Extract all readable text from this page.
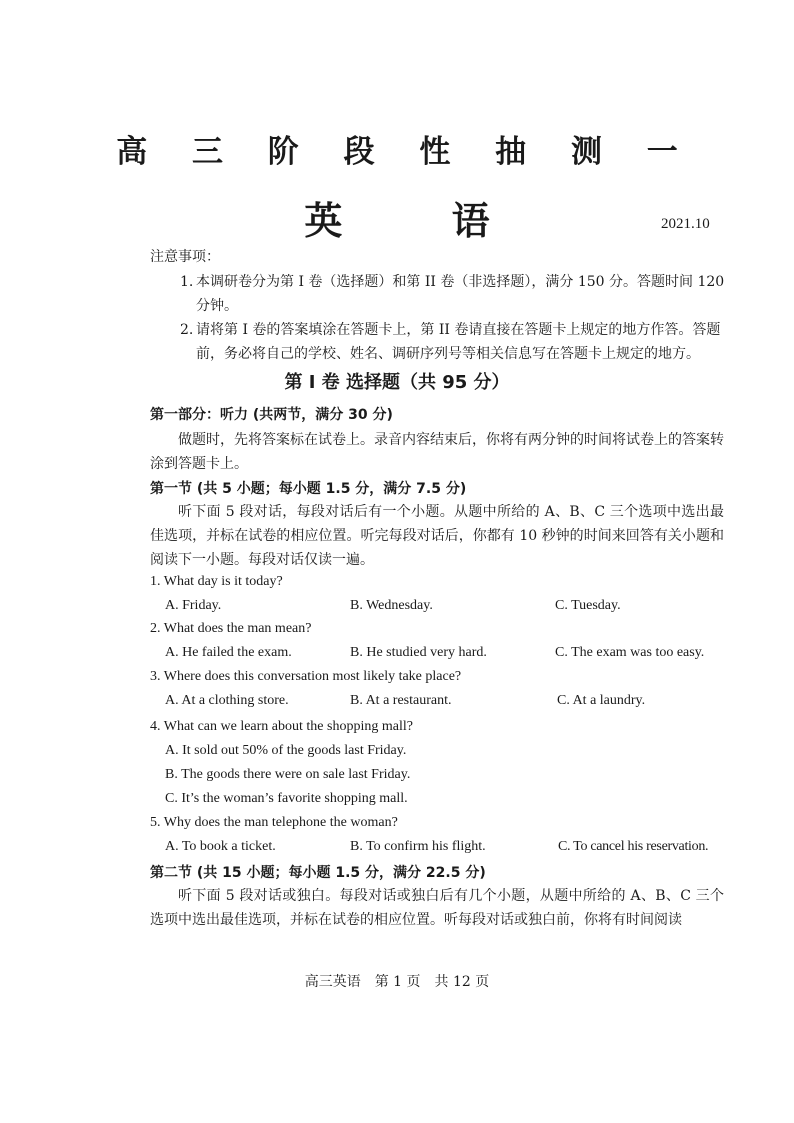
高 三 阶 段 性 抽 测 一
英 语	2021.10
注意事项：
1. 本调研卷分为第 I 卷（选择题）和第 II 卷（非选择题），满分 150 分。答题时间 120 分钟。
2. 请将第 I 卷的答案填涂在答题卡上，第 II 卷请直接在答题卡上规定的地方作答。答题前，务必将自己的学校、姓名、调研序列号等相关信息写在答题卡上规定的地方。
第 I 卷 选择题（共 95 分）
第一部分：听力 (共两节，满分 30 分)
做题时，先将答案标在试卷上。录音内容结束后，你将有两分钟的时间将试卷上的答案转涂到答题卡上。
第一节 (共 5 小题；每小题 1.5 分，满分 7.5 分)
听下面 5 段对话，每段对话后有一个小题。从题中所给的 A、B、C 三个选项中选出最佳选项，并标在试卷的相应位置。听完每段对话后，你都有 10 秒钟的时间来回答有关小题和阅读下一小题。每段对话仅读一遍。
1. What day is it today?
A. Friday.	B. Wednesday.	C. Tuesday.
2. What does the man mean?
A. He failed the exam.	B. He studied very hard.	C. The exam was too easy.
3. Where does this conversation most likely take place?
A. At a clothing store.	B. At a restaurant.	C. At a laundry.
4. What can we learn about the shopping mall?
A. It sold out 50% of the goods last Friday.
B. The goods there were on sale last Friday.
C. It’s the woman’s favorite shopping mall.
5. Why does the man telephone the woman?
A. To book a ticket.	B. To confirm his flight.	C. To cancel his reservation.
第二节 (共 15 小题；每小题 1.5 分，满分 22.5 分)
听下面 5 段对话或独白。每段对话或独白后有几个小题，从题中所给的 A、B、C 三个选项中选出最佳选项，并标在试卷的相应位置。听每段对话或独白前，你将有时间阅读
高三英语　第 1 页　共 12 页
